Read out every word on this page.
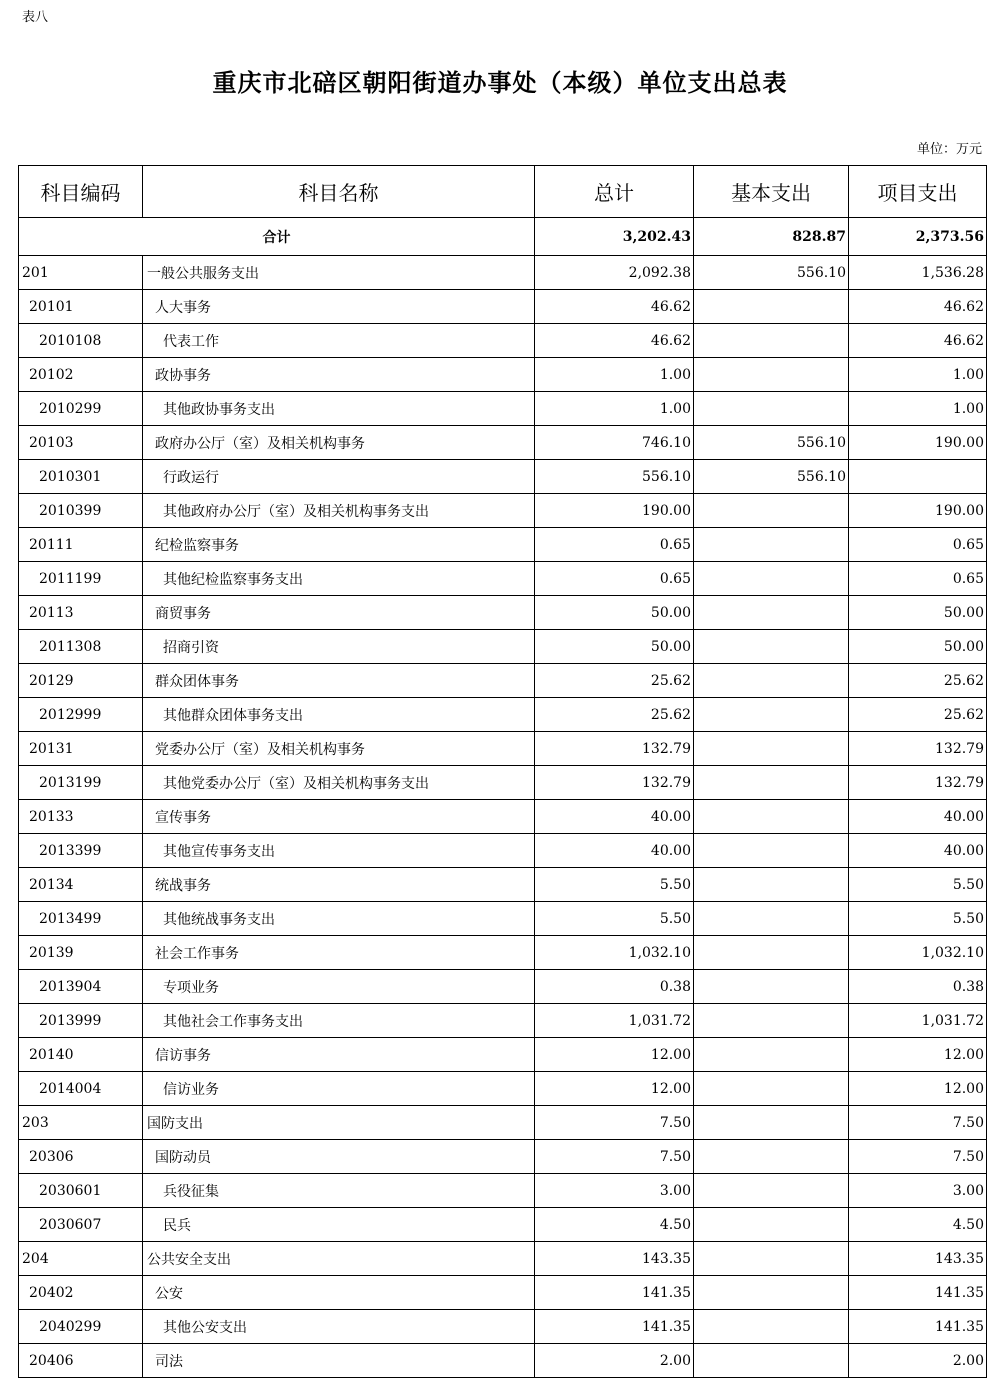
表八
重庆市北碚区朝阳街道办事处（本级）单位支出总表
单位：万元
科目编码	科目名称	总计	基本支出	项目支出
合计		3,202.43	828.87	2,373.56
201	一般公共服务支出	2,092.38	556.10	1,536.28
20101	人大事务	46.62		46.62
2010108	代表工作	46.62		46.62
20102	政协事务	1.00		1.00
2010299	其他政协事务支出	1.00		1.00
20103	政府办公厅（室）及相关机构事务	746.10	556.10	190.00
2010301	行政运行	556.10	556.10	
2010399	其他政府办公厅（室）及相关机构事务支出	190.00		190.00
20111	纪检监察事务	0.65		0.65
2011199	其他纪检监察事务支出	0.65		0.65
20113	商贸事务	50.00		50.00
2011308	招商引资	50.00		50.00
20129	群众团体事务	25.62		25.62
2012999	其他群众团体事务支出	25.62		25.62
20131	党委办公厅（室）及相关机构事务	132.79		132.79
2013199	其他党委办公厅（室）及相关机构事务支出	132.79		132.79
20133	宣传事务	40.00		40.00
2013399	其他宣传事务支出	40.00		40.00
20134	统战事务	5.50		5.50
2013499	其他统战事务支出	5.50		5.50
20139	社会工作事务	1,032.10		1,032.10
2013904	专项业务	0.38		0.38
2013999	其他社会工作事务支出	1,031.72		1,031.72
20140	信访事务	12.00		12.00
2014004	信访业务	12.00		12.00
203	国防支出	7.50		7.50
20306	国防动员	7.50		7.50
2030601	兵役征集	3.00		3.00
2030607	民兵	4.50		4.50
204	公共安全支出	143.35		143.35
20402	公安	141.35		141.35
2040299	其他公安支出	141.35		141.35
20406	司法	2.00		2.00
